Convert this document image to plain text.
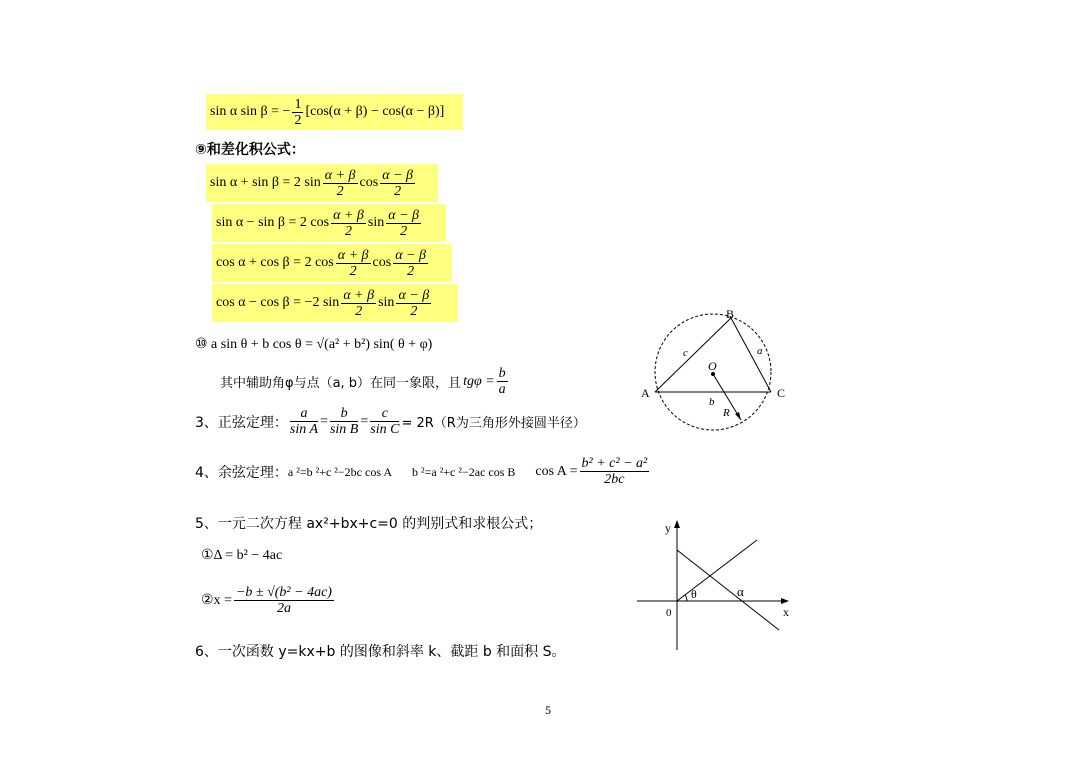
sin α sin β = − $\frac{1}{2} [\cos(\alpha + \beta) - \cos(\alpha - \beta)]$
⑨和差化积公式：
sin α + sin β = 2 $\sin \frac{\alpha + \beta}{2}$ $\cos \frac{\alpha - \beta}{2}$
sin α − sin β = 2 $\cos \frac{\alpha + \beta}{2}$ $\sin \frac{\alpha - \beta}{2}$
cos α + cos β = 2 $\cos \frac{\alpha + \beta}{2}$ $\cos \frac{\alpha - \beta}{2}$
cos α − cos β = −2 $\sin \frac{\alpha + \beta}{2}$ $\sin \frac{\alpha - \beta}{2}$
⑩ a sin θ + b cos θ = √(a² + b²) sin( θ + φ)
其中辅助角φ与点（a, b）在同一象限，且 $tg\varphi = \frac{b}{a}$
3、正弦定理： $\frac{a}{\text{sin A}} = \frac{b}{\text{sin B}} = \frac{c}{\text{sin C}} = 2R(R$为三角形外接圆半径）
4、余弦定理： a ²=b ²+c ²−2bc cos A b ²=a ²+c ²−2ac cos B $\cos A = \frac{\text{b² + c² − a²}}{2bc}$
5、一元二次方程 ax²+bx+c=0 的判别式和求根公式；
①Δ = b² − 4ac
②x = $\frac{\text{−b ± √(b² − 4ac)}}{2a}$
6、一次函数 y=kx+b 的图像和斜率 k、截距 b 和面积 S。
A
B
C
O
c	a
b
R
y
x
0
θ	α
5
